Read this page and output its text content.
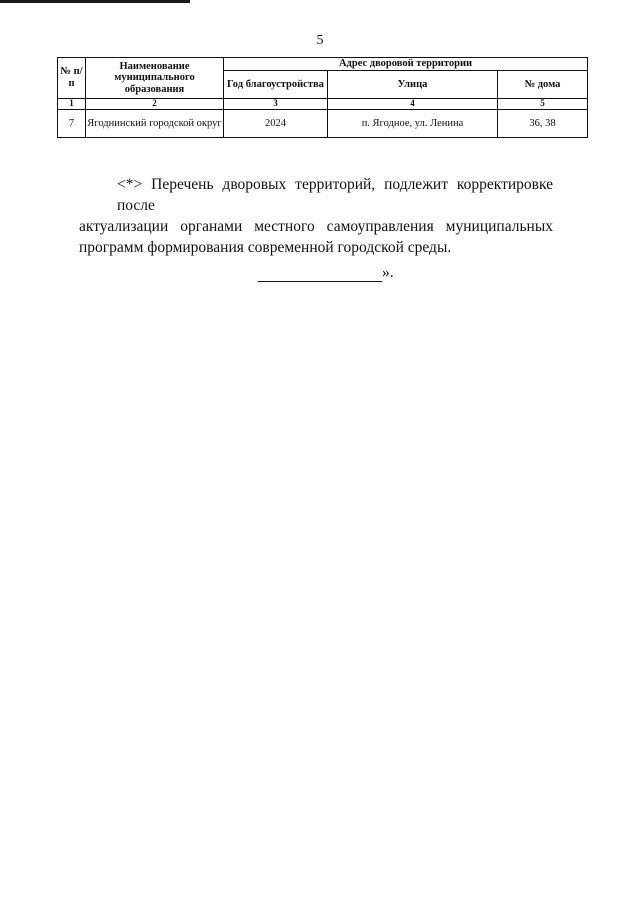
5
№ п/п	Наименование муниципального образования	Адрес дворовой территории		
		Год благоустройства	Улица	№ дома
1	2	3	4	5
7	Ягоднинский городской округ	2024	п. Ягодное, ул. Ленина	36, 38

<*> Перечень дворовых территорий, подлежит корректировке после
актуализации органами местного самоуправления муниципальных
программ формирования современной городской среды.

».
